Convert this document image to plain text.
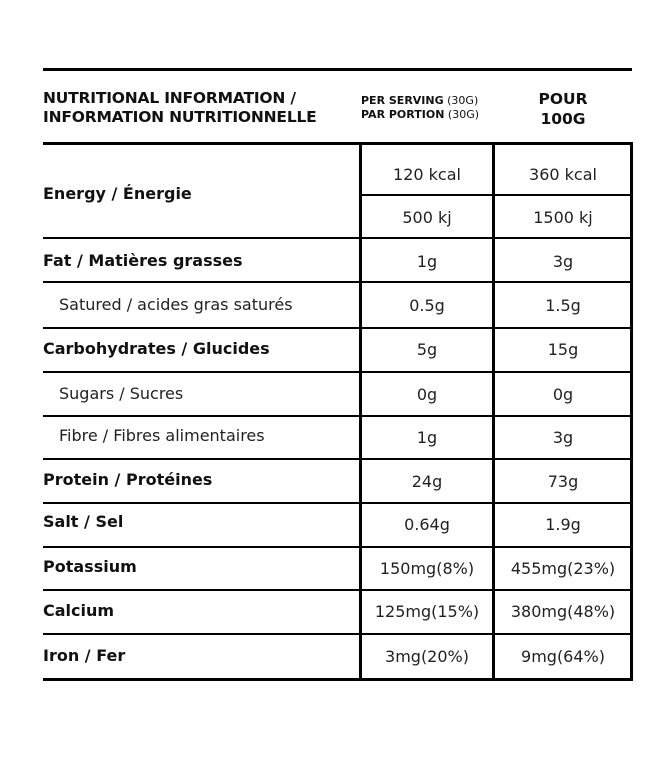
NUTRITIONAL INFORMATION /
INFORMATION NUTRITIONNELLE
PER SERVING (30G)
PAR PORTION (30G)
POUR
100G
Energy / Énergie
Fat / Matières grasses
Satured / acides gras saturés
Carbohydrates / Glucides
Sugars / Sucres
Fibre / Fibres alimentaires
Protein / Protéines
Salt / Sel
Potassium
Calcium
Iron / Fer
120 kcal
500 kj
1g
0.5g
5g
0g
1g
24g
0.64g
150mg(8%)
125mg(15%)
3mg(20%)
360 kcal
1500 kj
3g
1.5g
15g
0g
3g
73g
1.9g
455mg(23%)
380mg(48%)
9mg(64%)
